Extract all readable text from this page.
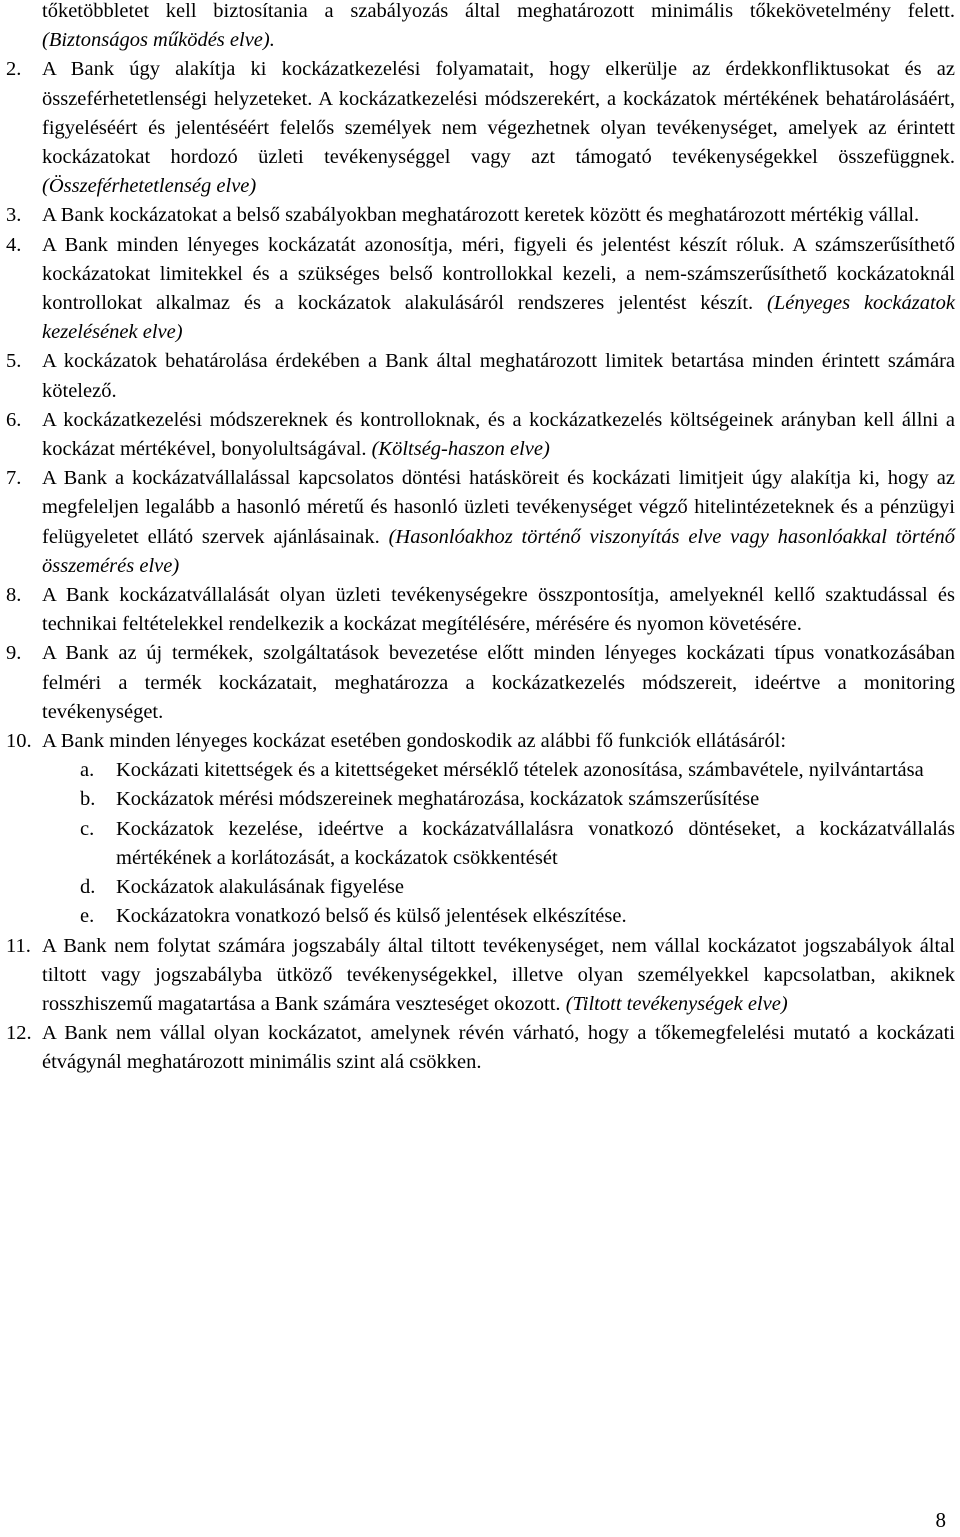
tőketöbbletet kell biztosítania a szabályozás által meghatározott minimális tőkekövetelmény felett. (Biztonságos működés elve).

2.	A Bank úgy alakítja ki kockázatkezelési folyamatait, hogy elkerülje az érdekkonfliktusokat és az összeférhetetlenségi helyzeteket. A kockázatkezelési módszerekért, a kockázatok mértékének behatárolásáért, figyeléséért és jelentéséért felelős személyek nem végezhetnek olyan tevékenységet, amelyek az érintett kockázatokat hordozó üzleti tevékenységgel vagy azt támogató tevékenységekkel összefüggnek. (Összeférhetetlenség elve)

3.	A Bank kockázatokat a belső szabályokban meghatározott keretek között és meghatározott mértékig vállal.

4.	A Bank minden lényeges kockázatát azonosítja, méri, figyeli és jelentést készít róluk. A számszerűsíthető kockázatokat limitekkel és a szükséges belső kontrollokkal kezeli, a nem-számszerűsíthető kockázatoknál kontrollokat alkalmaz és a kockázatok alakulásáról rendszeres jelentést készít. (Lényeges kockázatok kezelésének elve)

5.	A kockázatok behatárolása érdekében a Bank által meghatározott limitek betartása minden érintett számára kötelező.

6.	A kockázatkezelési módszereknek és kontrolloknak, és a kockázatkezelés költségeinek arányban kell állni a kockázat mértékével, bonyolultságával. (Költség-haszon elve)

7.	A Bank a kockázatvállalással kapcsolatos döntési hatásköreit és kockázati limitjeit úgy alakítja ki, hogy az megfeleljen legalább a hasonló méretű és hasonló üzleti tevékenységet végző hitelintézeteknek és a pénzügyi felügyeletet ellátó szervek ajánlásainak. (Hasonlóakhoz történő viszonyítás elve vagy hasonlóakkal történő összemérés elve)

8.	A Bank kockázatvállalását olyan üzleti tevékenységekre összpontosítja, amelyeknél kellő szaktudással és technikai feltételekkel rendelkezik a kockázat megítélésére, mérésére és nyomon követésére.

9.	A Bank az új termékek, szolgáltatások bevezetése előtt minden lényeges kockázati típus vonatkozásában felméri a termék kockázatait, meghatározza a kockázatkezelés módszereit, ideértve a monitoring tevékenységet.

10. A Bank minden lényeges kockázat esetében gondoskodik az alábbi fő funkciók ellátásáról:

a.	Kockázati kitettségek és a kitettségeket mérséklő tételek azonosítása, számbavétele, nyilvántartása
b.	Kockázatok mérési módszereinek meghatározása, kockázatok számszerűsítése
c.	Kockázatok kezelése, ideértve a kockázatvállalásra vonatkozó döntéseket, a kockázatvállalás mértékének a korlátozását, a kockázatok csökkentését
d.	Kockázatok alakulásának figyelése
e.	Kockázatokra vonatkozó belső és külső jelentések elkészítése.
11. A Bank nem folytat számára jogszabály által tiltott tevékenységet, nem vállal kockázatot jogszabályok által tiltott vagy jogszabályba ütköző tevékenységekkel, illetve olyan személyekkel kapcsolatban, akiknek rosszhiszemű magatartása a Bank számára veszteséget okozott. (Tiltott tevékenységek elve)

12. A Bank nem vállal olyan kockázatot, amelynek révén várható, hogy a tőkemegfelelési mutató a kockázati étvágynál meghatározott minimális szint alá csökken.

8
